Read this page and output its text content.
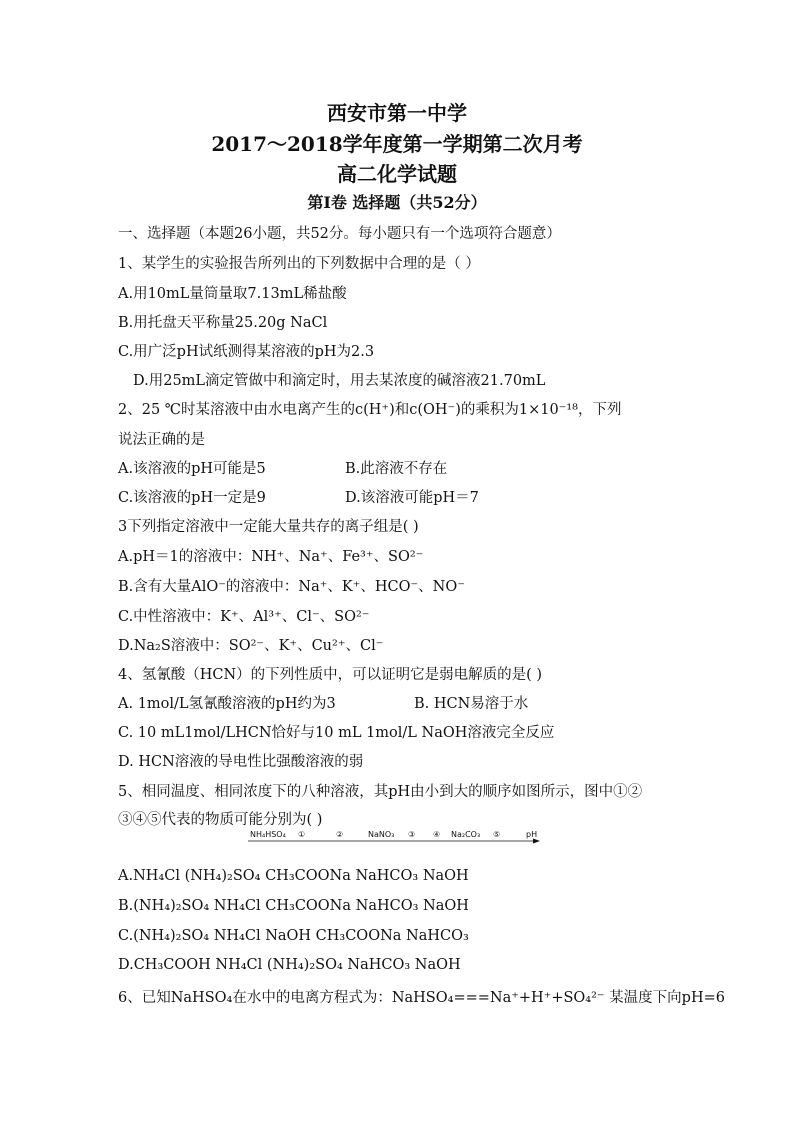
西安市第一中学
2017～2018学年度第一学期第二次月考
高二化学试题
第Ⅰ卷 选择题（共52分）
一、选择题（本题26小题，共52分。每小题只有一个选项符合题意）
1、某学生的实验报告所列出的下列数据中合理的是（ ）
A.用10mL量筒量取7.13mL稀盐酸
B.用托盘天平称量25.20g NaCl
C.用广泛pH试纸测得某溶液的pH为2.3
D.用25mL滴定管做中和滴定时，用去某浓度的碱溶液21.70mL
2、25 ℃时某溶液中由水电离产生的c(H⁺)和c(OH⁻)的乘积为1×10⁻¹⁸，下列
说法正确的是
A.该溶液的pH可能是5	B.此溶液不存在
C.该溶液的pH一定是9	D.该溶液可能pH＝7
3下列指定溶液中一定能大量共存的离子组是( )
A.pH＝1的溶液中：NH⁺、Na⁺、Fe³⁺、SO²⁻
B.含有大量AlO⁻的溶液中：Na⁺、K⁺、HCO⁻、NO⁻
C.中性溶液中：K⁺、Al³⁺、Cl⁻、SO²⁻
D.Na₂S溶液中：SO²⁻、K⁺、Cu²⁺、Cl⁻
4、氢氰酸（HCN）的下列性质中，可以证明它是弱电解质的是( )
A. 1mol/L氢氰酸溶液的pH约为3	B. HCN易溶于水
C. 10 mL1mol/LHCN恰好与10 mL 1mol/L NaOH溶液完全反应
D. HCN溶液的导电性比强酸溶液的弱
5、相同温度、相同浓度下的八种溶液，其pH由小到大的顺序如图所示，图中①②
③④⑤代表的物质可能分别为( )
NH₄HSO₄ ①	②	NaNO₃ ③ ④ Na₂CO₃ ⑤	pH
A.NH₄Cl (NH₄)₂SO₄ CH₃COONa NaHCO₃ NaOH
B.(NH₄)₂SO₄ NH₄Cl CH₃COONa NaHCO₃ NaOH
C.(NH₄)₂SO₄ NH₄Cl NaOH CH₃COONa NaHCO₃
D.CH₃COOH NH₄Cl (NH₄)₂SO₄ NaHCO₃ NaOH
6、已知NaHSO₄在水中的电离方程式为：NaHSO₄===Na⁺+H⁺+SO₄²⁻ 某温度下向pH=6
